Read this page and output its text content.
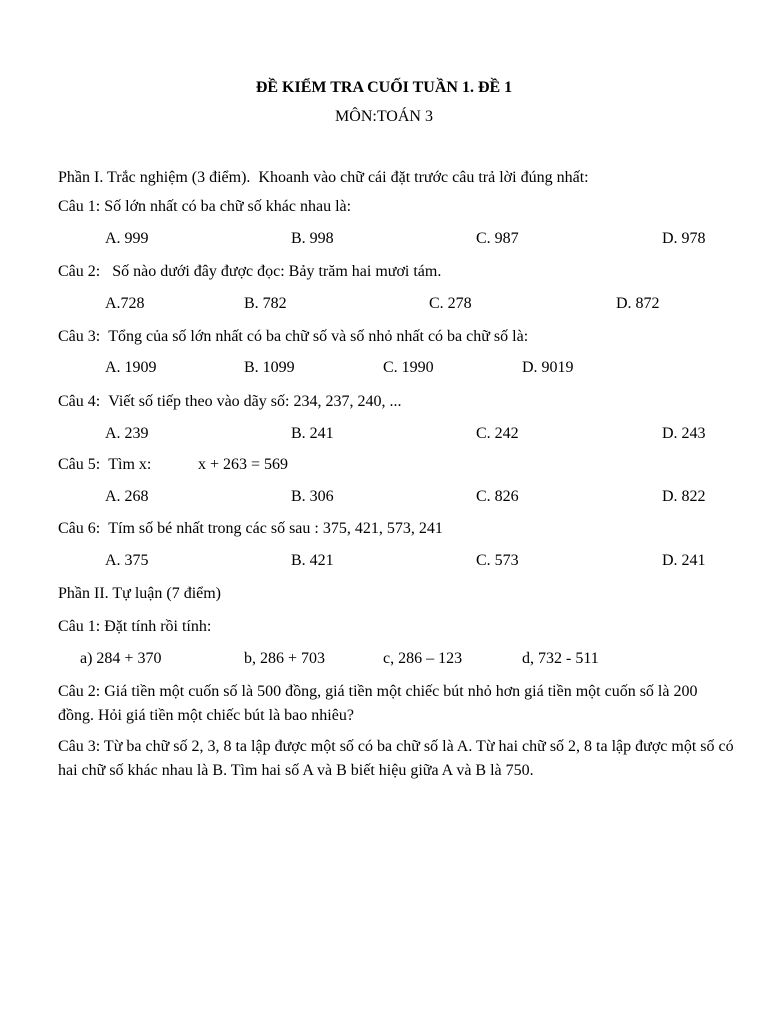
ĐỀ KIỂM TRA CUỐI TUẦN 1. ĐỀ 1
MÔN:TOÁN 3
Phần I. Trắc nghiệm (3 điểm). Khoanh vào chữ cái đặt trước câu trả lời đúng nhất:
Câu 1: Số lớn nhất có ba chữ số khác nhau là:
A. 999	B. 998	C. 987	D. 978
Câu 2: Số nào dưới đây được đọc: Bảy trăm hai mươi tám.
A.728	B. 782	C. 278	D. 872
Câu 3: Tổng của số lớn nhất có ba chữ số và số nhỏ nhất có ba chữ số là:
A. 1909	B. 1099	C. 1990	D. 9019
Câu 4: Viết số tiếp theo vào dãy số: 234, 237, 240, ...
A. 239	B. 241	C. 242	D. 243
Câu 5: Tìm x:	x + 263 = 569
A. 268	B. 306	C. 826	D. 822
Câu 6: Tím số bé nhất trong các số sau : 375, 421, 573, 241
A. 375	B. 421	C. 573	D. 241
Phần II. Tự luận (7 điểm)
Câu 1: Đặt tính rồi tính:
a) 284 + 370	b, 286 + 703	c, 286 – 123	d, 732 - 511
Câu 2: Giá tiền một cuốn số là 500 đồng, giá tiền một chiếc bút nhỏ hơn giá tiền một cuốn số là 200 đồng. Hỏi giá tiền một chiếc bút là bao nhiêu?
Câu 3: Từ ba chữ số 2, 3, 8 ta lập được một số có ba chữ số là A. Từ hai chữ số 2, 8 ta lập được một số có hai chữ số khác nhau là B. Tìm hai số A và B biết hiệu giữa A và B là 750.
